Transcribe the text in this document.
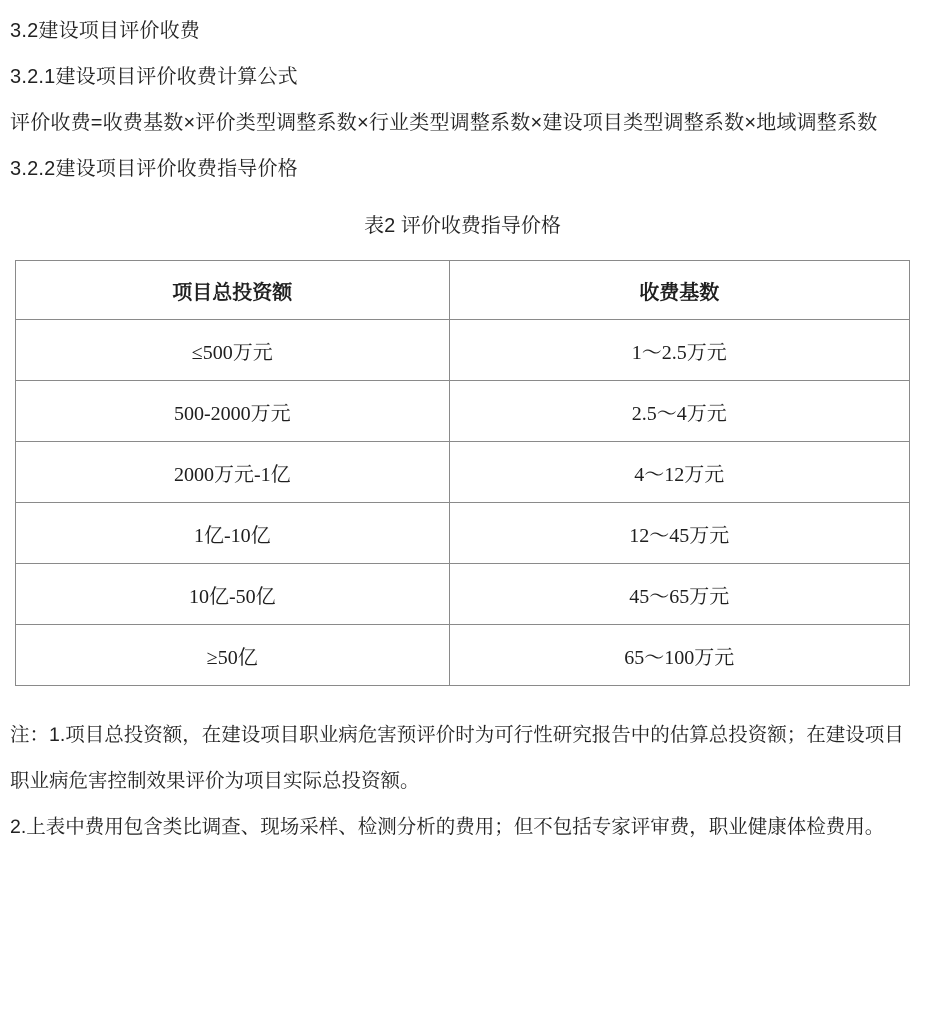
3.2建设项目评价收费
3.2.1建设项目评价收费计算公式
评价收费=收费基数×评价类型调整系数×行业类型调整系数×建设项目类型调整系数×地域调整系数
3.2.2建设项目评价收费指导价格
表2 评价收费指导价格
项目总投资额	收费基数
≤500万元	1～2.5万元
500-2000万元	2.5～4万元
2000万元-1亿	4～12万元
1亿-10亿	12～45万元
10亿-50亿	45～65万元
≥50亿	65～100万元
注：1.项目总投资额，在建设项目职业病危害预评价时为可行性研究报告中的估算总投资额；在建设项目职业病危害控制效果评价为项目实际总投资额。
2.上表中费用包含类比调查、现场采样、检测分析的费用；但不包括专家评审费，职业健康体检费用。
